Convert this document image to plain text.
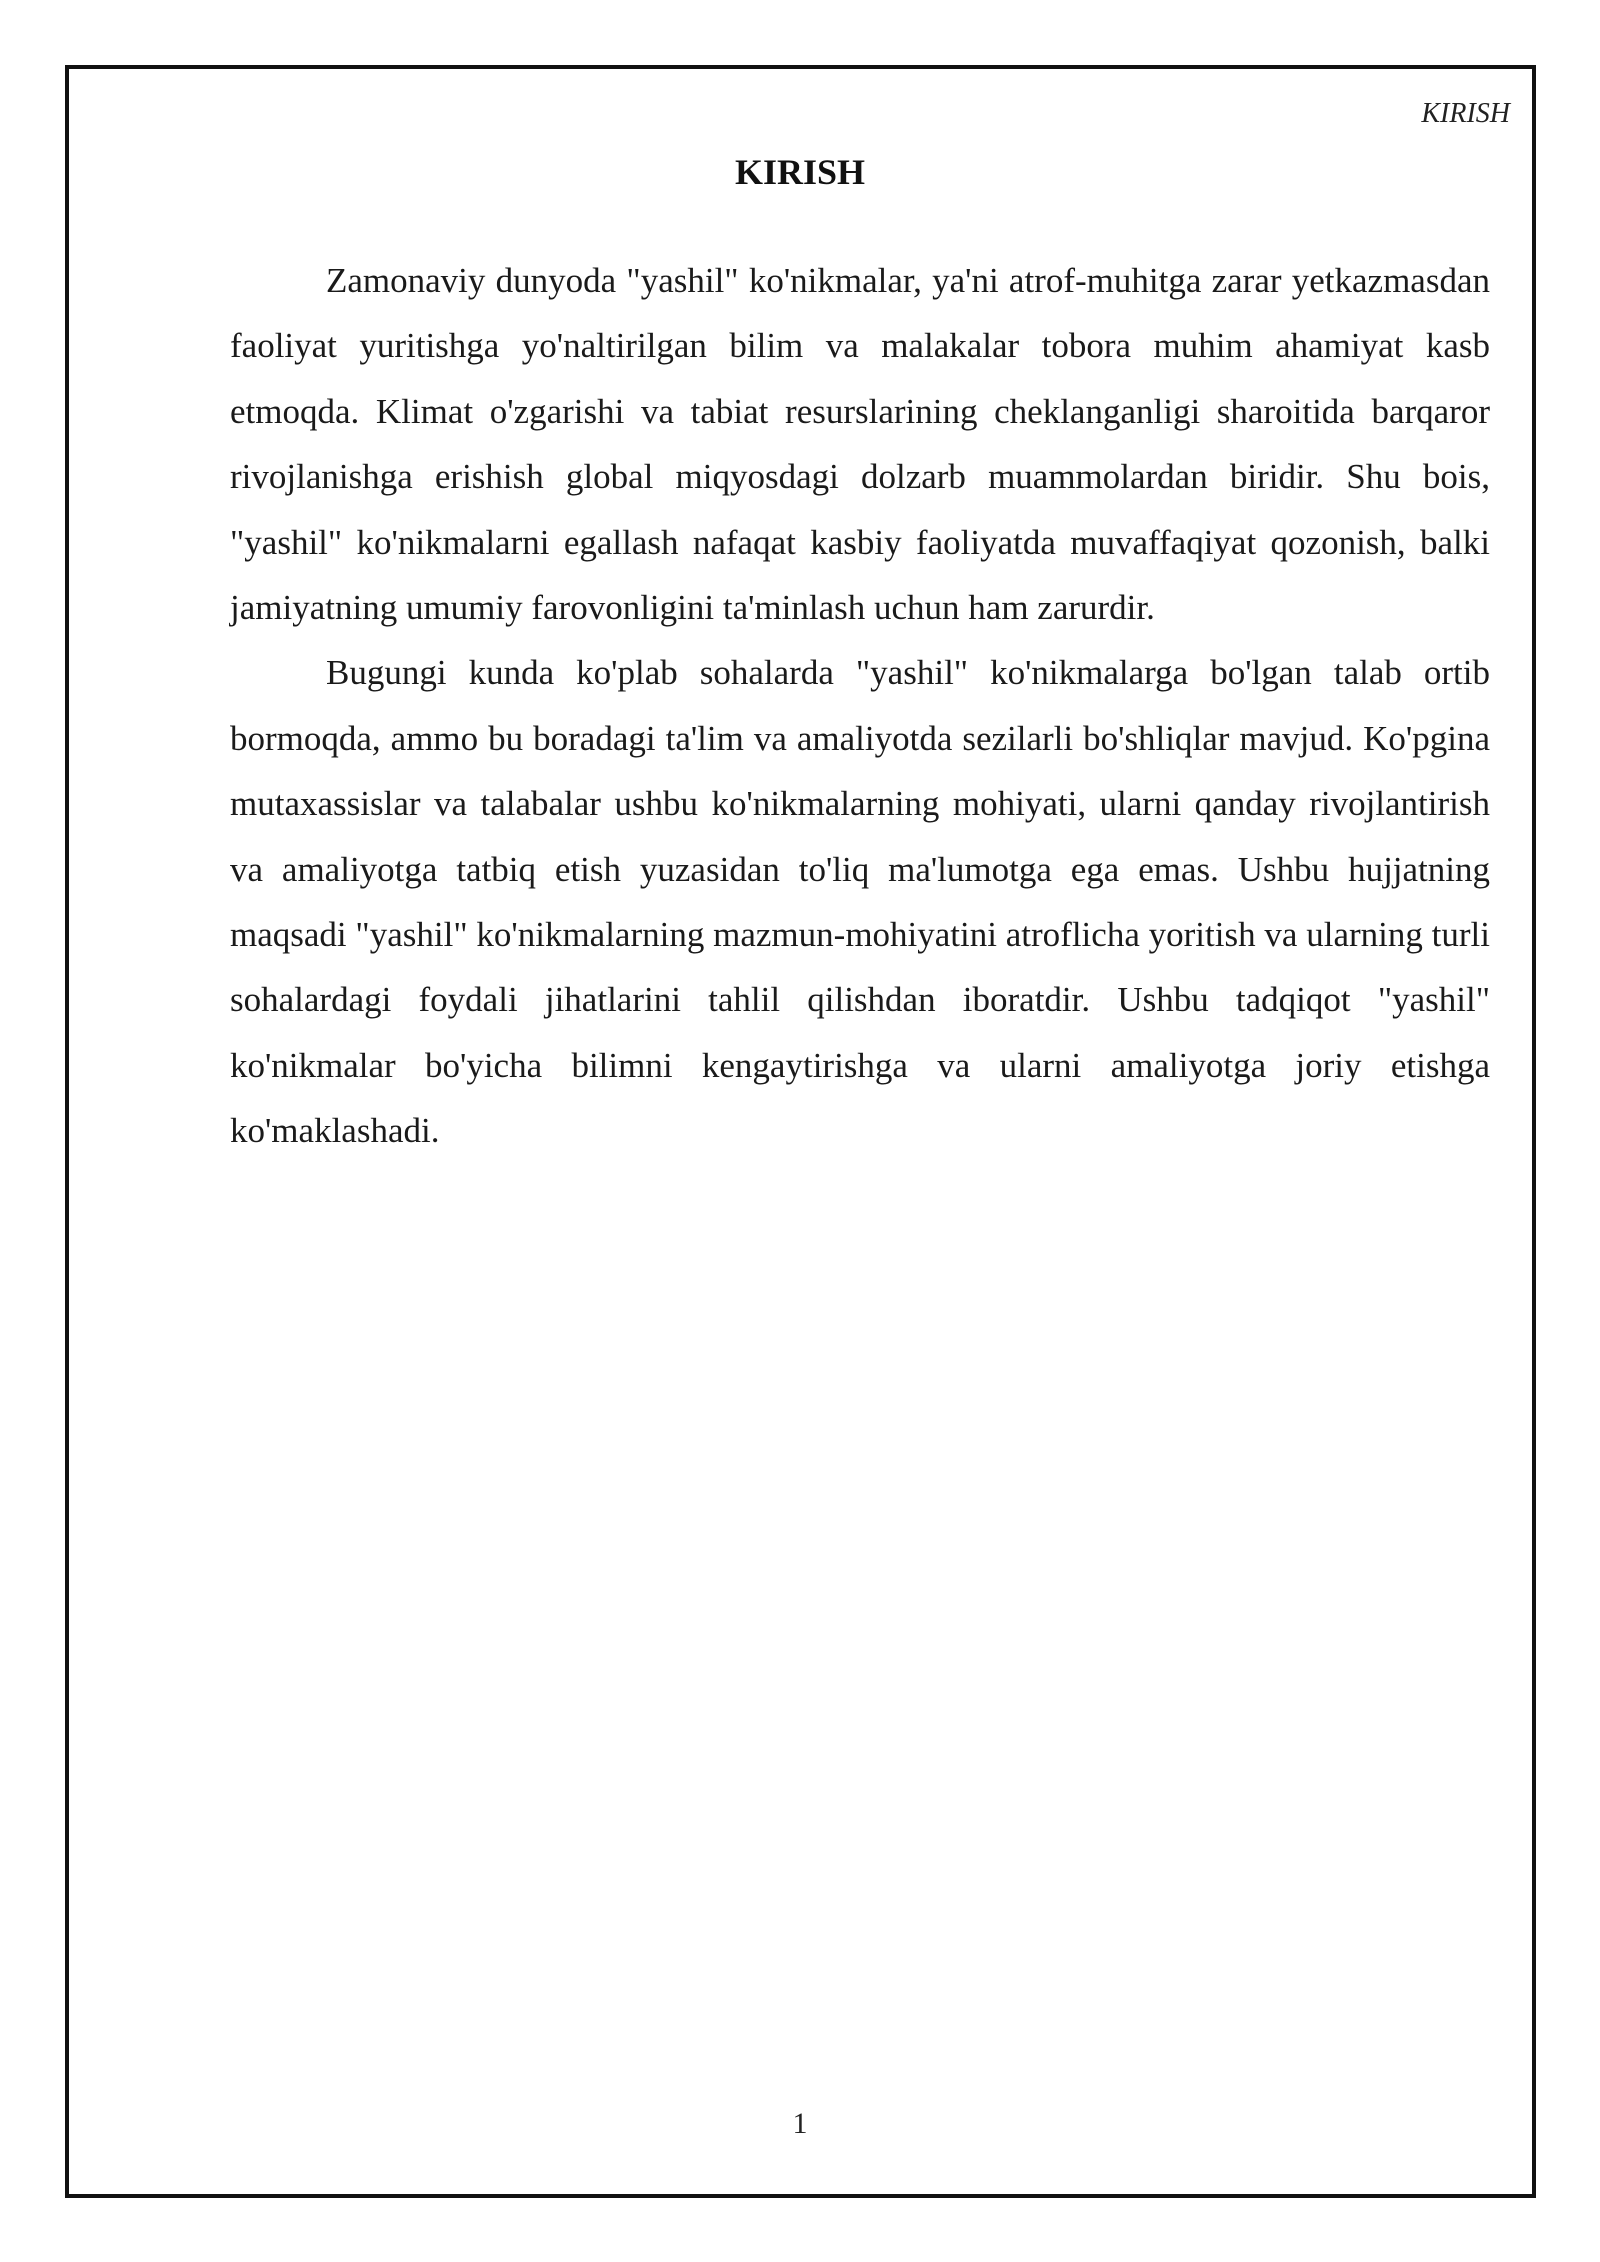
KIRISH
KIRISH

Zamonaviy dunyoda "yashil" ko'nikmalar, ya'ni atrof-muhitga zarar yetkazmasdan faoliyat yuritishga yo'naltirilgan bilim va malakalar tobora muhim ahamiyat kasb etmoqda. Klimat o'zgarishi va tabiat resurslarining cheklanganligi sharoitida barqaror rivojlanishga erishish global miqyosdagi dolzarb muammolardan biridir. Shu bois, "yashil" ko'nikmalarni egallash nafaqat kasbiy faoliyatda muvaffaqiyat qozonish, balki jamiyatning umumiy farovonligini ta'minlash uchun ham zarurdir.

Bugungi kunda ko'plab sohalarda "yashil" ko'nikmalarga bo'lgan talab ortib bormoqda, ammo bu boradagi ta'lim va amaliyotda sezilarli bo'shliqlar mavjud. Ko'pgina mutaxassislar va talabalar ushbu ko'nikmalarning mohiyati, ularni qanday rivojlantirish va amaliyotga tatbiq etish yuzasidan to'liq ma'lumotga ega emas. Ushbu hujjatning maqsadi "yashil" ko'nikmalarning mazmun-mohiyatini atroflicha yoritish va ularning turli sohalardagi foydali jihatlarini tahlil qilishdan iboratdir. Ushbu tadqiqot "yashil" ko'nikmalar bo'yicha bilimni kengaytirishga va ularni amaliyotga joriy etishga ko'maklashadi.

1
